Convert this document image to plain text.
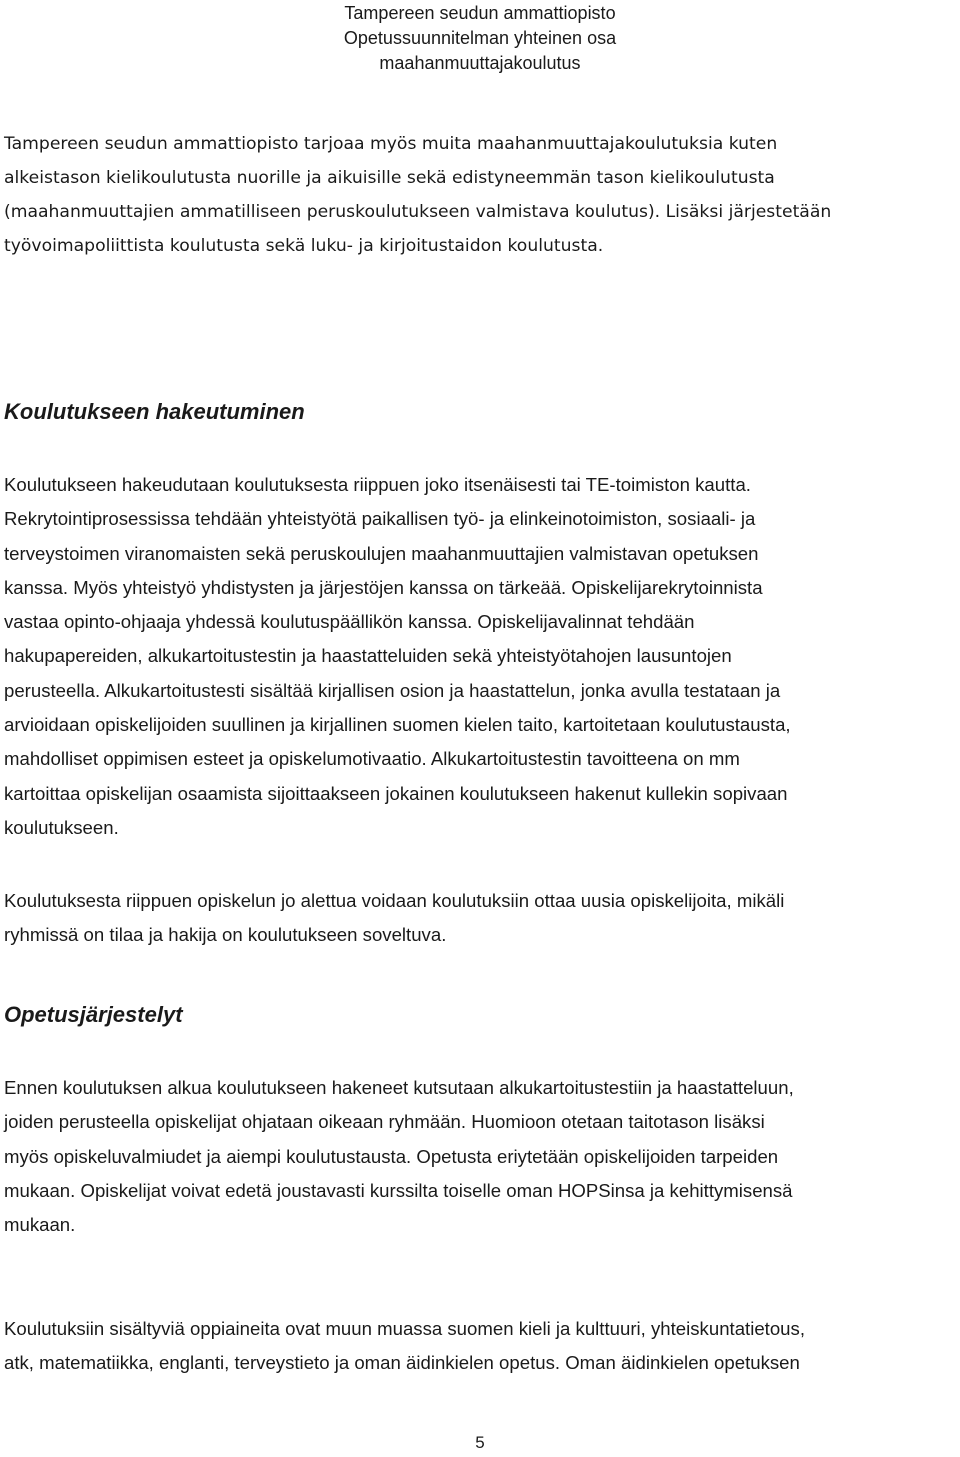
Tampereen seudun ammattiopisto
Opetussuunnitelman yhteinen osa
maahanmuuttajakoulutus
Tampereen seudun ammattiopisto tarjoaa myös muita maahanmuuttajakoulutuksia kuten
alkeistason kielikoulutusta nuorille ja aikuisille sekä edistyneemmän tason kielikoulutusta
(maahanmuuttajien ammatilliseen peruskoulutukseen valmistava koulutus). Lisäksi järjestetään
työvoimapoliittista koulutusta sekä luku- ja kirjoitustaidon koulutusta.
Koulutukseen hakeutuminen
Koulutukseen hakeudutaan koulutuksesta riippuen joko itsenäisesti tai TE-toimiston kautta.
Rekrytointiprosessissa tehdään yhteistyötä paikallisen työ- ja elinkeinotoimiston, sosiaali- ja
terveystoimen viranomaisten sekä peruskoulujen maahanmuuttajien valmistavan opetuksen
kanssa. Myös yhteistyö yhdistysten ja järjestöjen kanssa on tärkeää. Opiskelijarekrytoinnista
vastaa opinto-ohjaaja yhdessä koulutuspäällikön kanssa. Opiskelijavalinnat tehdään
hakupapereiden, alkukartoitustestin ja haastatteluiden sekä yhteistyötahojen lausuntojen
perusteella. Alkukartoitustesti sisältää kirjallisen osion ja haastattelun, jonka avulla testataan ja
arvioidaan opiskelijoiden suullinen ja kirjallinen suomen kielen taito, kartoitetaan koulutustausta,
mahdolliset oppimisen esteet ja opiskelumotivaatio. Alkukartoitustestin tavoitteena on mm
kartoittaa opiskelijan osaamista sijoittaakseen jokainen koulutukseen hakenut kullekin sopivaan
koulutukseen.
Koulutuksesta riippuen opiskelun jo alettua voidaan koulutuksiin ottaa uusia opiskelijoita, mikäli
ryhmissä on tilaa ja hakija on koulutukseen soveltuva.
Opetusjärjestelyt
Ennen koulutuksen alkua koulutukseen hakeneet kutsutaan alkukartoitustestiin ja haastatteluun,
joiden perusteella opiskelijat ohjataan oikeaan ryhmään. Huomioon otetaan taitotason lisäksi
myös opiskeluvalmiudet ja aiempi koulutustausta. Opetusta eriytetään opiskelijoiden tarpeiden
mukaan. Opiskelijat voivat edetä joustavasti kurssilta toiselle oman HOPSinsa ja kehittymisensä
mukaan.
Koulutuksiin sisältyviä oppiaineita ovat muun muassa suomen kieli ja kulttuuri, yhteiskuntatietous,
atk, matematiikka, englanti, terveystieto ja oman äidinkielen opetus. Oman äidinkielen opetuksen
5
